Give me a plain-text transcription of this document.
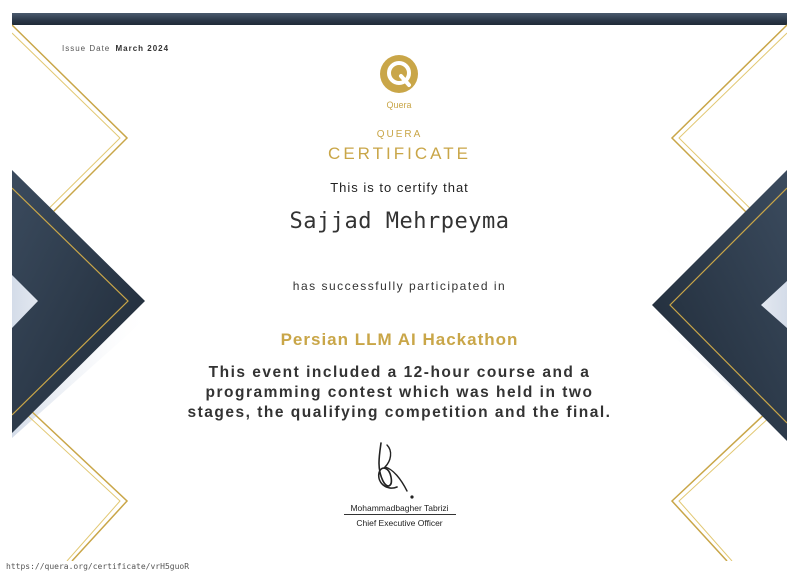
Issue Date March 2024
Quera
QUERA
CERTIFICATE
This is to certify that
Sajjad Mehrpeyma
has successfully participated in
Persian LLM AI Hackathon
This event included a 12-hour course and a
programming contest which was held in two
stages, the qualifying competition and the final.
Mohammadbagher Tabrizi
Chief Executive Officer
https://quera.org/certificate/vrH5guoR
